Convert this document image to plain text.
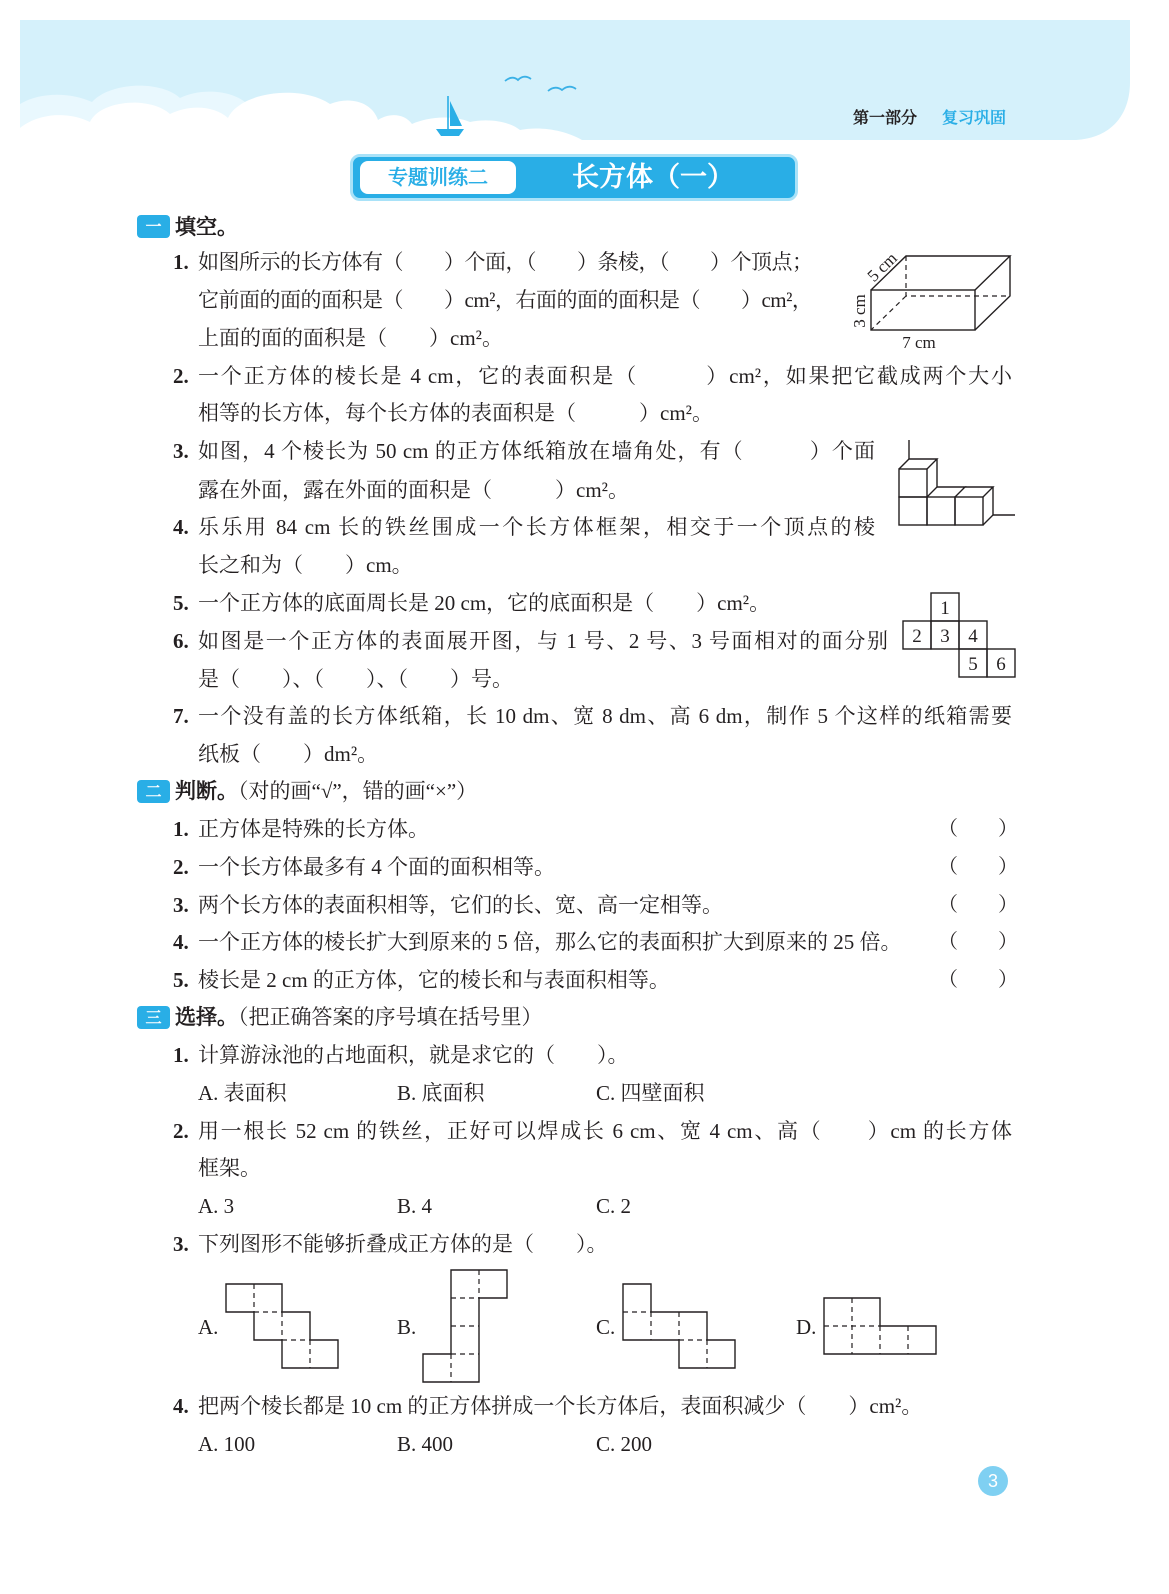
第一部分 复习巩固
专题训练二	长方体（一）
一 填空。
1. 如图所示的长方体有（　　）个面，（　　）条棱，（　　）个顶点；
它前面的面的面积是（　　）cm²，右面的面的面积是（　　）cm²，
上面的面的面积是（　　）cm²。
5 cm
3 cm
7 cm
2. 一个正方体的棱长是 4 cm，它的表面积是（　　　）cm²，如果把它截成两个大小
相等的长方体，每个长方体的表面积是（　　　）cm²。
3. 如图，4 个棱长为 50 cm 的正方体纸箱放在墙角处，有（　　　）个面
露在外面，露在外面的面积是（　　　）cm²。
4. 乐乐用 84 cm 长的铁丝围成一个长方体框架，相交于一个顶点的棱
长之和为（　　）cm。
5. 一个正方体的底面周长是 20 cm，它的底面积是（　　）cm²。	1
2 3 4
5 6
6. 如图是一个正方体的表面展开图，与 1 号、2 号、3 号面相对的面分别
是（　　）、（　　）、（　　）号。
7. 一个没有盖的长方体纸箱，长 10 dm、宽 8 dm、高 6 dm，制作 5 个这样的纸箱需要
纸板（　　）dm²。
二 判断。（对的画“√”，错的画“×”）
1. 正方体是特殊的长方体。	（　　）
2. 一个长方体最多有 4 个面的面积相等。	（　　）
3. 两个长方体的表面积相等，它们的长、宽、高一定相等。	（　　）
4. 一个正方体的棱长扩大到原来的 5 倍，那么它的表面积扩大到原来的 25 倍。 （　　）
5. 棱长是 2 cm 的正方体，它的棱长和与表面积相等。	（　　）
三 选择。（把正确答案的序号填在括号里）
1. 计算游泳池的占地面积，就是求它的（　　）。
A. 表面积	B. 底面积	C. 四壁面积
2. 用一根长 52 cm 的铁丝，正好可以焊成长 6 cm、宽 4 cm、高（　　）cm 的长方体
框架。
A. 3	B. 4	C. 2
3. 下列图形不能够折叠成正方体的是（　　）。
A.	B.	C.	D.
4. 把两个棱长都是 10 cm 的正方体拼成一个长方体后，表面积减少（　　）cm²。
A. 100	B. 400	C. 200
3
